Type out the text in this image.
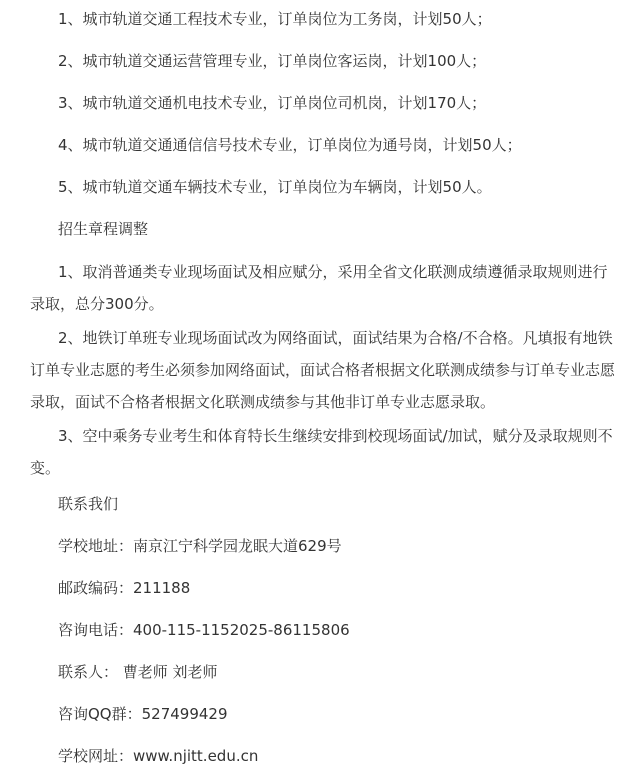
1、城市轨道交通工程技术专业，订单岗位为工务岗，计划50人；
2、城市轨道交通运营管理专业，订单岗位客运岗，计划100人；
3、城市轨道交通机电技术专业，订单岗位司机岗，计划170人；
4、城市轨道交通通信信号技术专业，订单岗位为通号岗，计划50人；
5、城市轨道交通车辆技术专业，订单岗位为车辆岗，计划50人。
招生章程调整
1、取消普通类专业现场面试及相应赋分，采用全省文化联测成绩遵循录取规则进行录取，总分300分。
2、地铁订单班专业现场面试改为网络面试，面试结果为合格/不合格。凡填报有地铁订单专业志愿的考生必须参加网络面试，面试合格者根据文化联测成绩参与订单专业志愿录取，面试不合格者根据文化联测成绩参与其他非订单专业志愿录取。
3、空中乘务专业考生和体育特长生继续安排到校现场面试/加试，赋分及录取规则不变。
联系我们
学校地址：南京江宁科学园龙眠大道629号
邮政编码：211188
咨询电话：400-115-1152025-86115806
联系人： 曹老师 刘老师
咨询QQ群：527499429
学校网址：www.njitt.edu.cn
